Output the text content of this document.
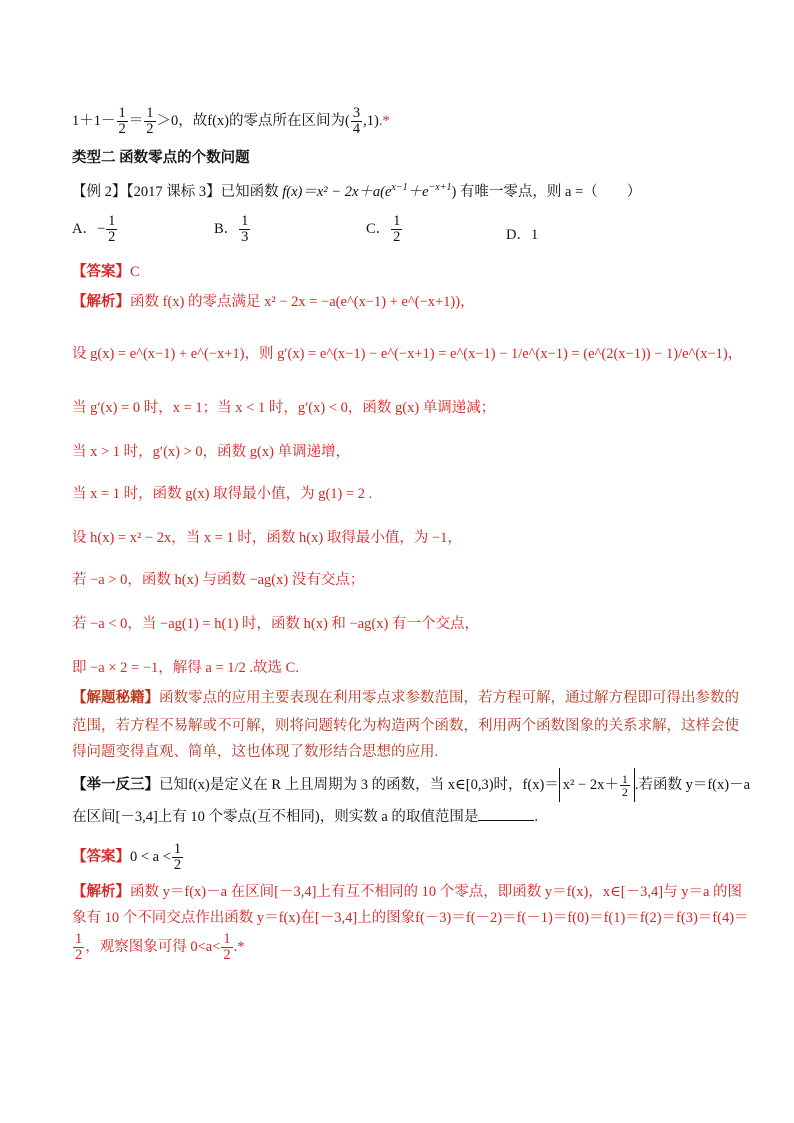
$1+1- \frac{1}{2} = \frac{1}{2} >0$，故f(x)的零点所在区间为( $\frac{3}{4} ,1).*$
类型二 函数零点的个数问题
【例 2】【2017 课标 3】已知函数 $f(x)=x^2 - 2x+a(e^{x-1}+e^{-x+1})$ 有唯一零点，则 a =（　　）
A．− $\frac{1}{2}$	B． $\frac{1}{3}$	C． $\frac{1}{2}$	D．1
【答案】C
【解析】函数 f(x) 的零点满足 x² − 2x = −a(e^(x−1) + e^(−x+1))，
设 g(x) = e^(x−1) + e^(−x+1)，则 g′(x) = e^(x−1) − e^(−x+1) = e^(x−1) − 1/e^(x−1) = (e^(2(x−1)) − 1)/e^(x−1)，
当 g′(x) = 0 时，x = 1；当 x < 1 时，g′(x) < 0，函数 g(x) 单调递减；
当 x > 1 时，g′(x) > 0，函数 g(x) 单调递增，
当 x = 1 时，函数 g(x) 取得最小值，为 g(1) = 2 .
设 h(x) = x² − 2x，当 x = 1 时，函数 h(x) 取得最小值，为 −1，
若 −a > 0，函数 h(x) 与函数 −ag(x) 没有交点；
若 −a < 0，当 −ag(1) = h(1) 时，函数 h(x) 和 −ag(x) 有一个交点，
即 −a × 2 = −1，解得 a = 1/2 .故选 C.
【解题秘籍】函数零点的应用主要表现在利用零点求参数范围，若方程可解，通过解方程即可得出参数的
范围，若方程不易解或不可解，则将问题转化为构造两个函数，利用两个函数图象的关系求解，这样会使
得问题变得直观、简单，这也体现了数形结合思想的应用.
【举一反三】已知f(x)是定义在 R 上且周期为 3 的函数，当 x∈[0,3)时，$f(x)= x^2 - 2x+ \frac{1}{2}$ .若函数 y＝f(x)－a
在区间[－3,4]上有 10 个零点(互不相同)，则实数 a 的取值范围是	.
【答案】$0 < a < \frac{1}{2}$
【解析】函数 y＝f(x)－a 在区间[－3,4]上有互不相同的 10 个零点，即函数 y＝f(x)，x∈[－3,4]与 y＝a 的图
象有 10 个不同交点作出函数 y＝f(x)在[－3,4]上的图象f(－3)＝f(－2)＝f(－1)＝f(0)＝f(1)＝f(2)＝f(3)＝f(4)＝
$\frac{1}{2}$ ，观察图象可得 $0<a< \frac{1}{2}$ .*
